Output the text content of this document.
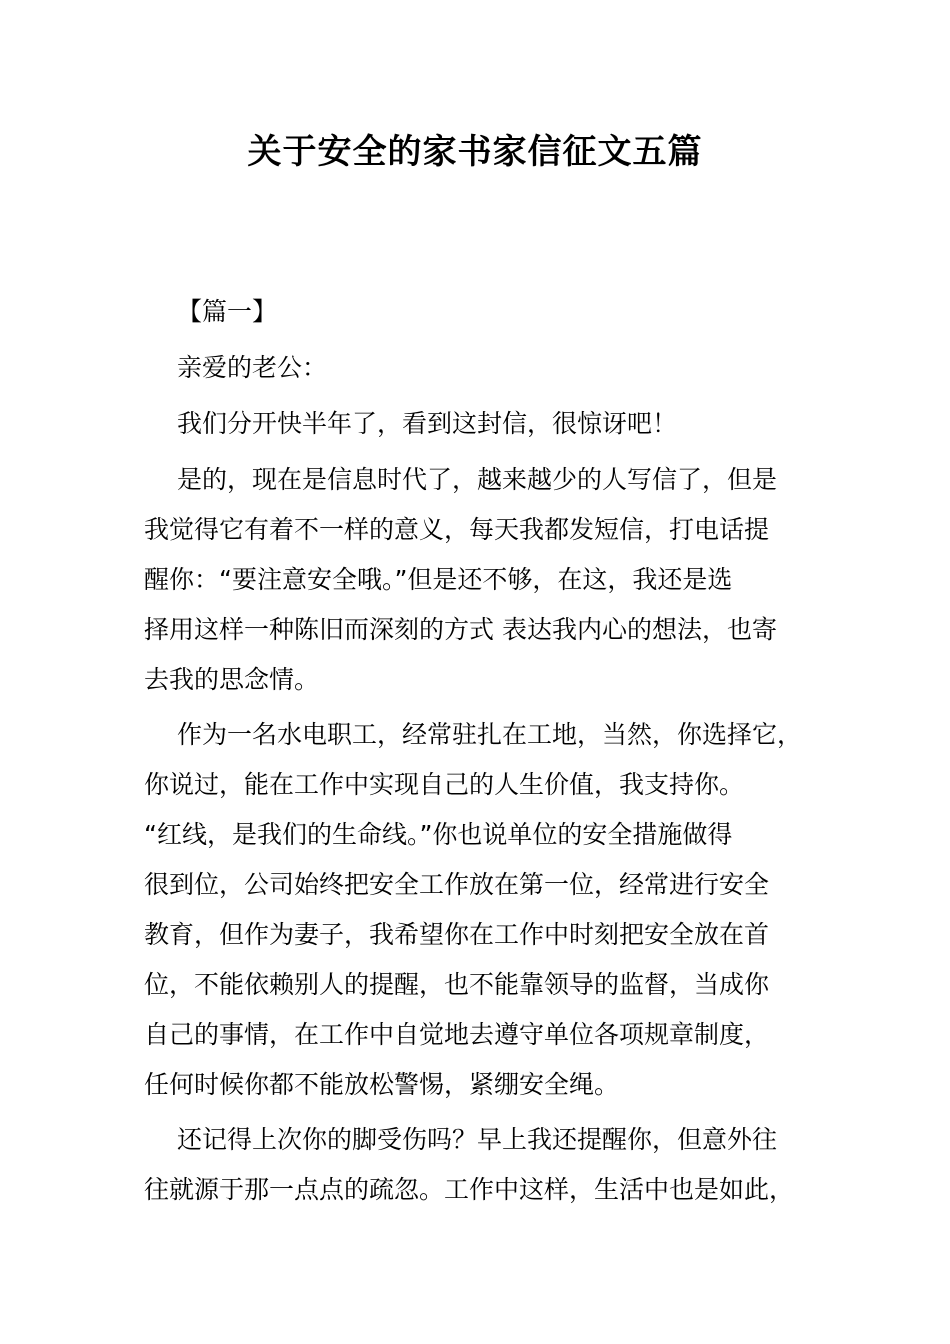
关于安全的家书家信征文五篇
【篇一】
亲爱的老公：
我们分开快半年了，看到这封信，很惊讶吧！
是的，现在是信息时代了，越来越少的人写信了，但是
我觉得它有着不一样的意义，每天我都发短信，打电话提
醒你：“要注意安全哦。”但是还不够，在这，我还是选
择用这样一种陈旧而深刻的方式 表达我内心的想法，也寄
去我的思念情。
作为一名水电职工，经常驻扎在工地，当然，你选择它，
你说过，能在工作中实现自己的人生价值，我支持你。
“红线，是我们的生命线。”你也说单位的安全措施做得
很到位，公司始终把安全工作放在第一位，经常进行安全
教育，但作为妻子，我希望你在工作中时刻把安全放在首
位，不能依赖别人的提醒，也不能靠领导的监督，当成你
自己的事情，在工作中自觉地去遵守单位各项规章制度，
任何时候你都不能放松警惕，紧绷安全绳。
还记得上次你的脚受伤吗？早上我还提醒你，但意外往
往就源于那一点点的疏忽。工作中这样，生活中也是如此，
